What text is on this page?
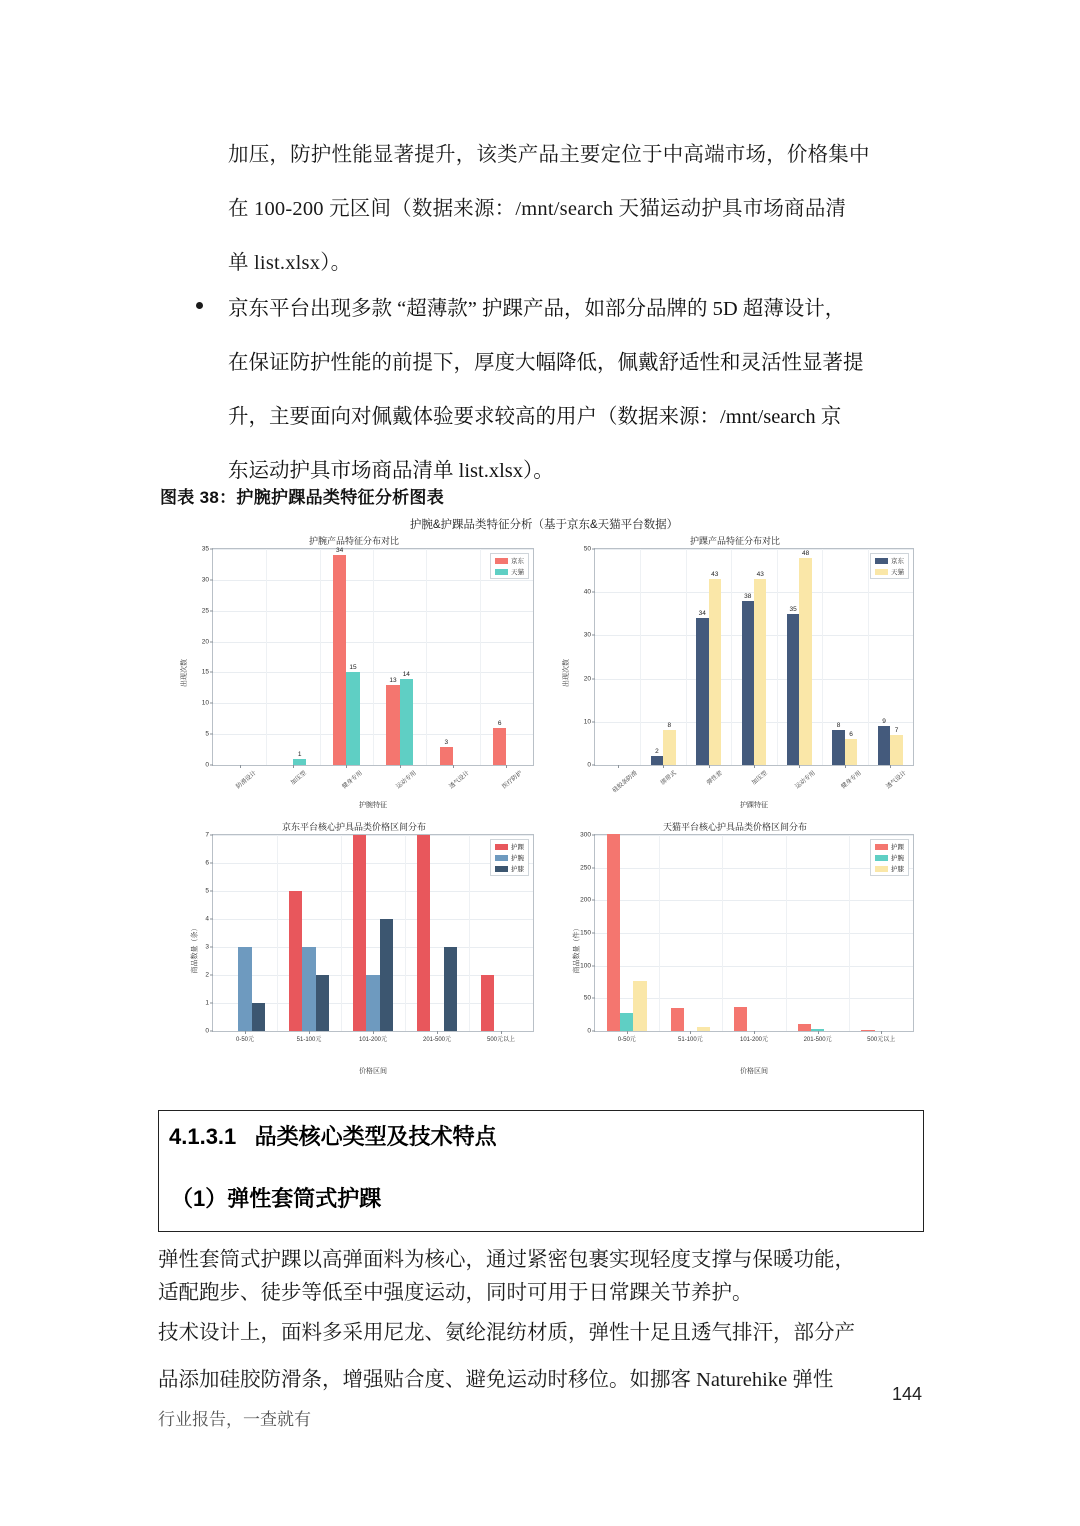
加压，防护性能显著提升，该类产品主要定位于中高端市场，价格集中
在 100-200 元区间（数据来源：/mnt/search 天猫运动护具市场商品清
单 list.xlsx）。
京东平台出现多款 “超薄款” 护踝产品，如部分品牌的 5D 超薄设计，
在保证防护性能的前提下，厚度大幅降低，佩戴舒适性和灵活性显著提
升，主要面向对佩戴体验要求较高的用户（数据来源：/mnt/search 京
东运动护具市场商品清单 list.xlsx）。
图表 38：护腕护踝品类特征分析图表
护腕&护踝品类特征分析（基于京东&天猫平台数据）
护腕产品特征分布对比
出现次数
0
5
10
15
20
25
30
35
防滑设计
1
加压型
34
15
健身专用
13
14
运动专用
3
透气设计
6
医疗防护
京东
天猫
护腕特征
护踝产品特征分布对比
出现次数
0
10
20
30
40
50
硅胶条防滑
2
8
绑带式
34
43
弹性套
38
43
加压型
35
48
运动专用
8
6
健身专用
9
7
透气设计
京东
天猫
护踝特征
京东平台核心护具品类价格区间分布
商品数量（条）
0
1
2
3
4
5
6
7
0-50元	51-100元	101-200元	201-500元	500元以上
护踝
护腕
护膝
价格区间
天猫平台核心护具品类价格区间分布
商品数量（件）
0
50
100
150
200
250
300
0-50元	51-100元	101-200元	201-500元	500元以上
护踝
护腕
护膝
价格区间
4.1.3.1 品类核心类型及技术特点
（1）弹性套筒式护踝
弹性套筒式护踝以高弹面料为核心，通过紧密包裹实现轻度支撑与保暖功能，
适配跑步、徒步等低至中强度运动，同时可用于日常踝关节养护。
技术设计上，面料多采用尼龙、氨纶混纺材质，弹性十足且透气排汗，部分产
品添加硅胶防滑条，增强贴合度、避免运动时移位。如挪客 Naturehike 弹性
144
行业报告，一查就有
